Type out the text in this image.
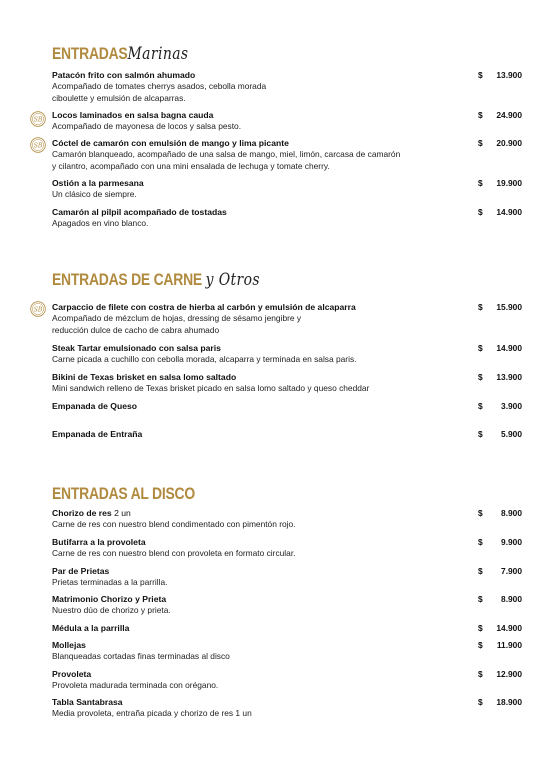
ENTRADASMarinas
Patacón frito con salmón ahumado
Acompañado de tomates cherrys asados, cebolla morada
ciboulette y emulsión de alcaparras.
$ 13.900
SB Locos laminados en salsa bagna cauda
Acompañado de mayonesa de locos y salsa pesto.
$ 24.900
SB Cóctel de camarón con emulsión de mango y lima picante
Camarón blanqueado, acompañado de una salsa de mango, miel, limón, carcasa de camarón
y cilantro, acompañado con una mini ensalada de lechuga y tomate cherry.
$ 20.900
Ostión a la parmesana
Un clásico de siempre.
$ 19.900
Camarón al pilpil acompañado de tostadas
Apagados en vino blanco.
$ 14.900
ENTRADAS DE CARNE y Otros
SB Carpaccio de filete con costra de hierba al carbón y emulsión de alcaparra
Acompañado de mézclum de hojas, dressing de sésamo jengibre y
reducción dulce de cacho de cabra ahumado
$ 15.900
Steak Tartar emulsionado con salsa paris
Carne picada a cuchillo con cebolla morada, alcaparra y terminada en salsa paris.
$ 14.900
Bikini de Texas brisket en salsa lomo saltado
Mini sandwich relleno de Texas brisket picado en salsa lomo saltado y queso cheddar
$ 13.900
Empanada de Queso	$ 3.900
Empanada de Entraña	$ 5.900
ENTRADAS AL DISCO
Chorizo de res 2 un
Carne de res con nuestro blend condimentado con pimentón rojo.
$ 8.900
Butifarra a la provoleta
Carne de res con nuestro blend con provoleta en formato circular.
$ 9.900
Par de Prietas
Prietas terminadas a la parrilla.
$ 7.900
Matrimonio Chorizo y Prieta
Nuestro dúo de chorizo y prieta.
$ 8.900
Médula a la parrilla	$ 14.900
Mollejas
Blanqueadas cortadas finas terminadas al disco
$ 11.900
Provoleta
Provoleta madurada terminada con orégano.
$ 12.900
Tabla Santabrasa
Media provoleta, entraña picada y chorizo de res 1 un
$ 18.900
